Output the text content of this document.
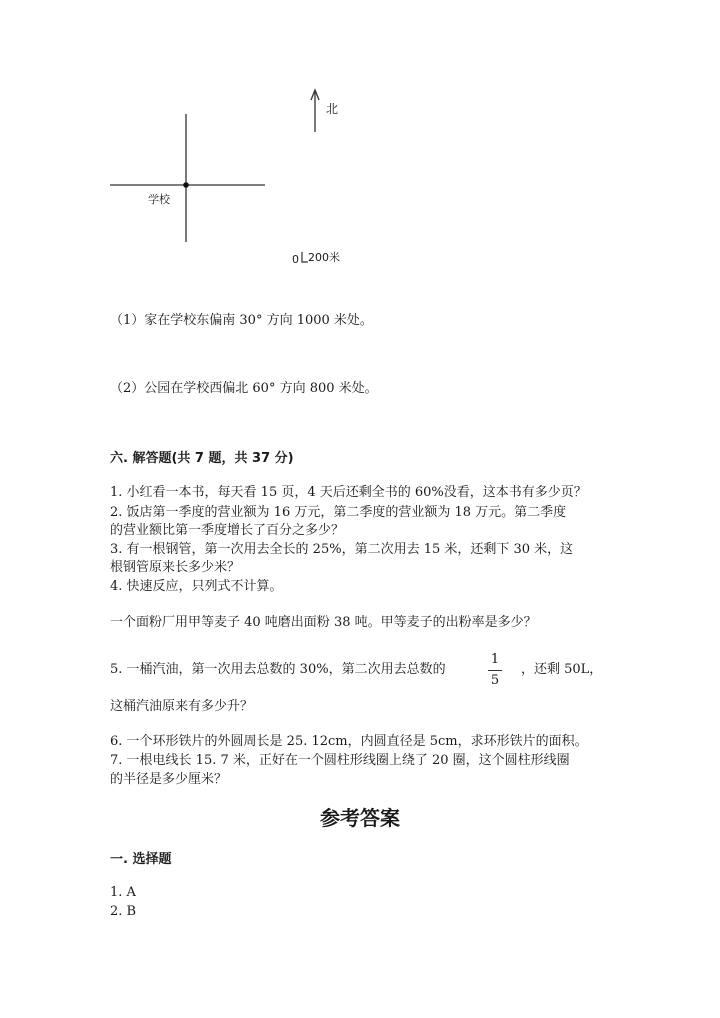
北
学校
0 200米
（1）家在学校东偏南 30° 方向 1000 米处。
（2）公园在学校西偏北 60° 方向 800 米处。
六. 解答题(共 7 题，共 37 分)
1. 小红看一本书，每天看 15 页，4 天后还剩全书的 60%没看，这本书有多少页？
2. 饭店第一季度的营业额为 16 万元，第二季度的营业额为 18 万元。第二季度
的营业额比第一季度增长了百分之多少？
3. 有一根钢管，第一次用去全长的 25%，第二次用去 15 米，还剩下 30 米，这
根钢管原来长多少米？
4. 快速反应，只列式不计算。
一个面粉厂用甲等麦子 40 吨磨出面粉 38 吨。甲等麦子的出粉率是多少？
5. 一桶汽油，第一次用去总数的 30%，第二次用去总数的
1
5
，还剩 50L，
这桶汽油原来有多少升？
6. 一个环形铁片的外圆周长是 25. 12cm，内圆直径是 5cm，求环形铁片的面积。
7. 一根电线长 15. 7 米，正好在一个圆柱形线圈上绕了 20 圈，这个圆柱形线圈
的半径是多少厘米？
参考答案
一. 选择题
1. A
2. B
